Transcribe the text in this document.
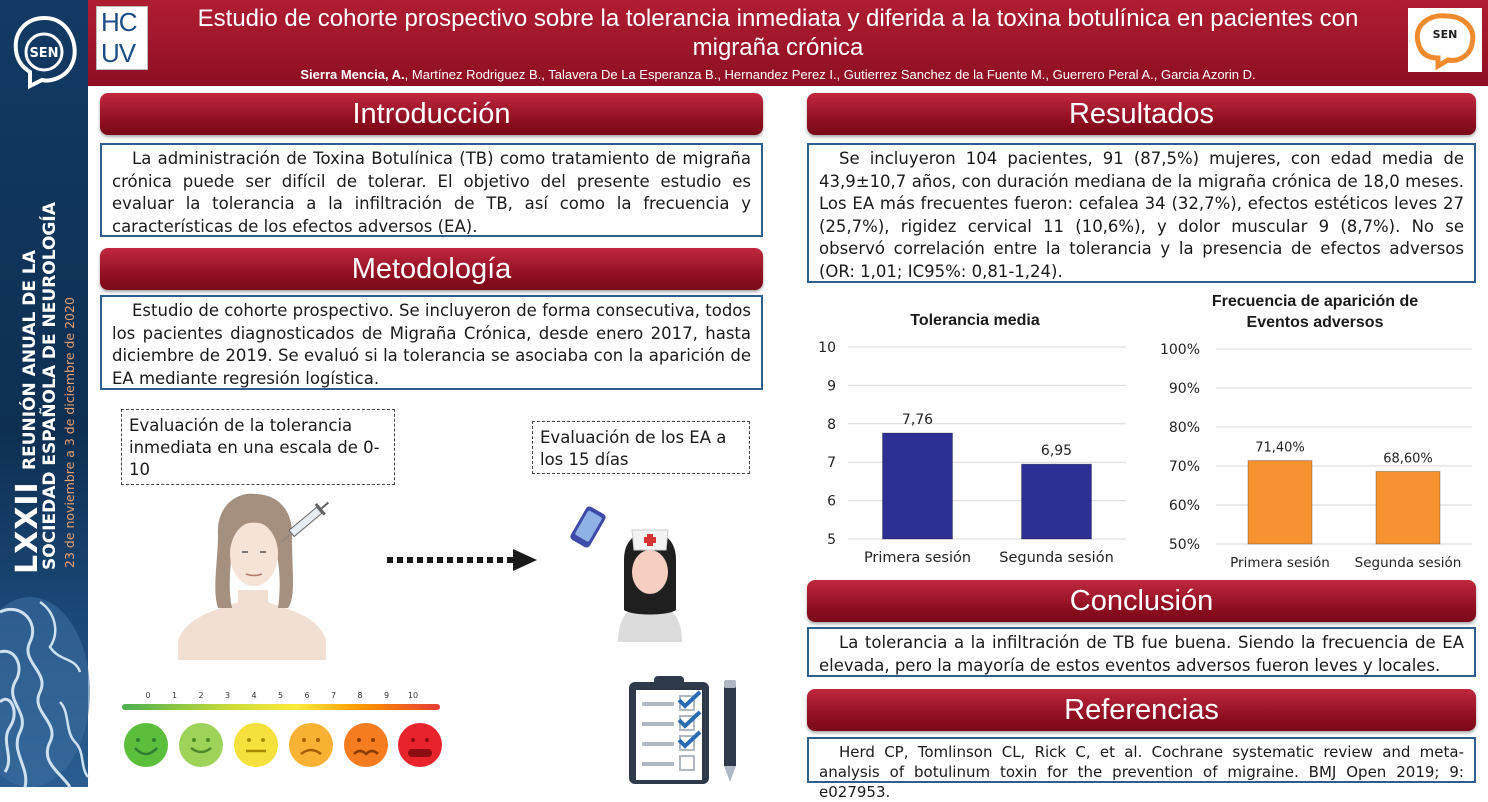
SEN
LXXII
REUNIÓN ANUAL DE LA SOCIEDAD ESPAÑOLA DE NEUROLOGÍA 23 de noviembre a 3 de diciembre de 2020
HC
UV
Estudio de cohorte prospectivo sobre la tolerancia inmediata y diferida a la toxina botulínica en pacientes con
migraña crónica
Sierra Mencia, A., Martínez Rodriguez B., Talavera De La Esperanza B., Hernandez Perez I., Gutierrez Sanchez de la Fuente M., Guerrero Peral A., Garcia Azorin D.
SEN
Introducción

La administración de Toxina Botulínica (TB) como tratamiento de migraña crónica puede ser difícil de tolerar. El objetivo del presente estudio es evaluar la tolerancia a la infiltración de TB, así como la frecuencia y características de los efectos adversos (EA).

Metodología

Estudio de cohorte prospectivo. Se incluyeron de forma consecutiva, todos los pacientes diagnosticados de Migraña Crónica, desde enero 2017, hasta diciembre de 2019. Se evaluó si la tolerancia se asociaba con la aparición de EA mediante regresión logística.

Evaluación de la tolerancia inmediata en una escala de 0-10
Evaluación de los EA a los 15 días
0	1	2	3	4	5	6	7	8	9 10
Resultados

Se incluyeron 104 pacientes, 91 (87,5%) mujeres, con edad media de 43,9±10,7 años, con duración mediana de la migraña crónica de 18,0 meses. Los EA más frecuentes fueron: cefalea 34 (32,7%), efectos estéticos leves 27 (25,7%), rigidez cervical 11 (10,6%), y dolor muscular 9 (8,7%). No se observó correlación entre la tolerancia y la presencia de efectos adversos (OR: 1,01; IC95%: 0,81-1,24).

Tolerancia media
5
6
7
8
9
10
7,76
Primera sesión
6,95
Segunda sesión
Frecuencia de aparición de
Eventos adversos
50%
60%
70%
80%
90%
100%
71,40%
Primera sesión
68,60%
Segunda sesión
Conclusión

La tolerancia a la infiltración de TB fue buena. Siendo la frecuencia de EA elevada, pero la mayoría de estos eventos adversos fueron leves y locales.

Referencias

Herd CP, Tomlinson CL, Rick C, et al. Cochrane systematic review and meta-analysis of botulinum toxin for the prevention of migraine. BMJ Open 2019; 9: e027953.
